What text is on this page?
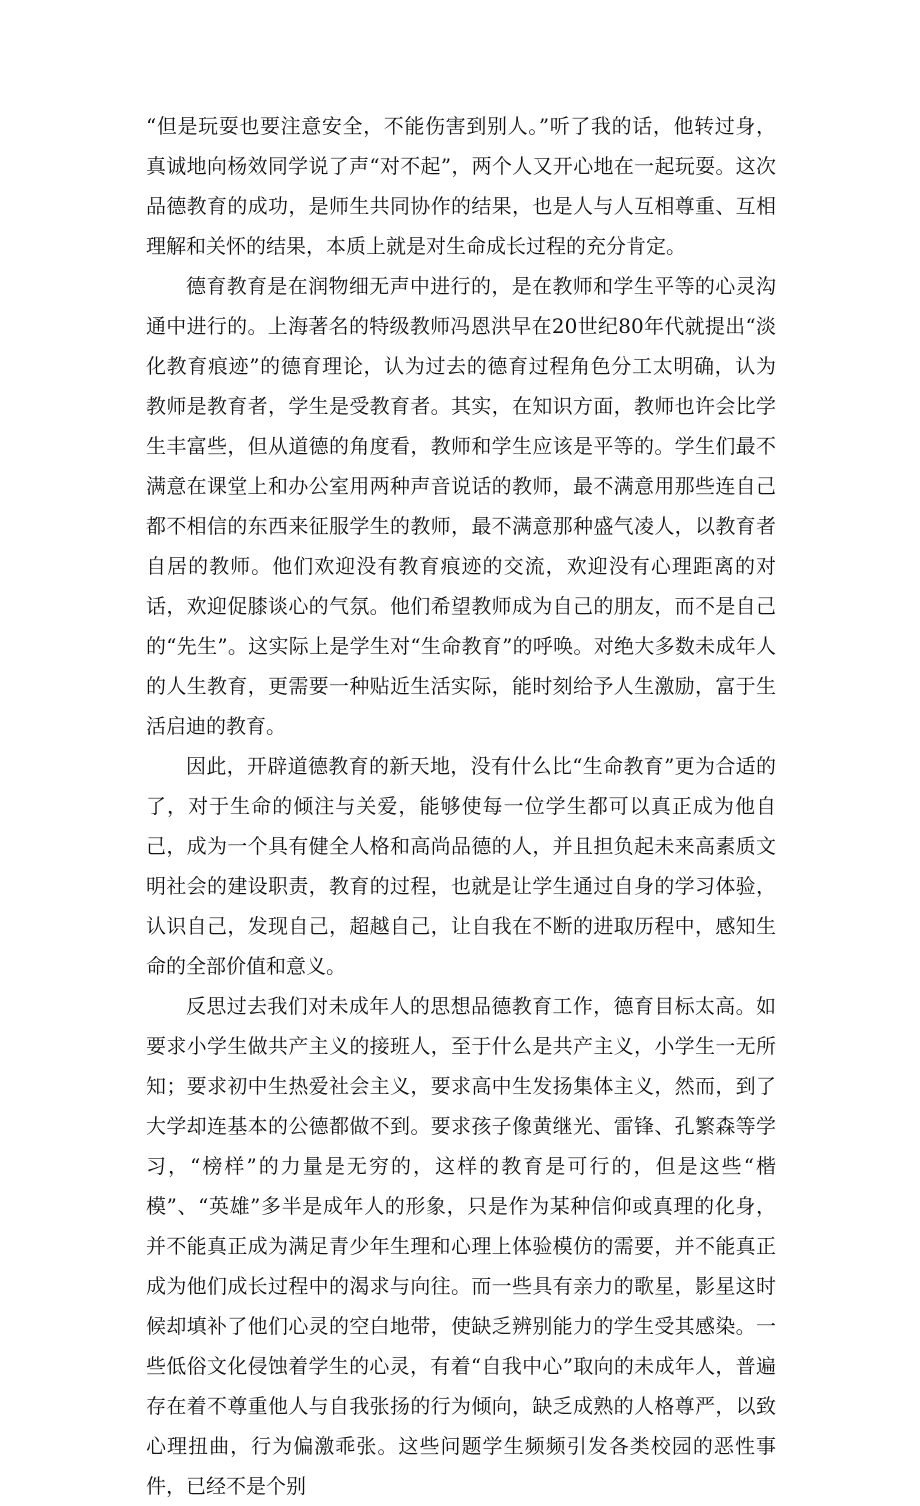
“但是玩耍也要注意安全，不能伤害到别人。”听了我的话，他转过身，真诚地向杨效同学说了声“对不起”，两个人又开心地在一起玩耍。这次品德教育的成功，是师生共同协作的结果，也是人与人互相尊重、互相理解和关怀的结果，本质上就是对生命成长过程的充分肯定。

德育教育是在润物细无声中进行的，是在教师和学生平等的心灵沟通中进行的。上海著名的特级教师冯恩洪早在20世纪80年代就提出“淡化教育痕迹”的德育理论，认为过去的德育过程角色分工太明确，认为教师是教育者，学生是受教育者。其实，在知识方面，教师也许会比学生丰富些，但从道德的角度看，教师和学生应该是平等的。学生们最不满意在课堂上和办公室用两种声音说话的教师，最不满意用那些连自己都不相信的东西来征服学生的教师，最不满意那种盛气凌人，以教育者自居的教师。他们欢迎没有教育痕迹的交流，欢迎没有心理距离的对话，欢迎促膝谈心的气氛。他们希望教师成为自己的朋友，而不是自己的“先生”。这实际上是学生对“生命教育”的呼唤。对绝大多数未成年人的人生教育，更需要一种贴近生活实际，能时刻给予人生激励，富于生活启迪的教育。

因此，开辟道德教育的新天地，没有什么比“生命教育”更为合适的了，对于生命的倾注与关爱，能够使每一位学生都可以真正成为他自己，成为一个具有健全人格和高尚品德的人，并且担负起未来高素质文明社会的建设职责，教育的过程，也就是让学生通过自身的学习体验，认识自己，发现自己，超越自己，让自我在不断的进取历程中，感知生命的全部价值和意义。

反思过去我们对未成年人的思想品德教育工作，德育目标太高。如要求小学生做共产主义的接班人，至于什么是共产主义，小学生一无所知；要求初中生热爱社会主义，要求高中生发扬集体主义，然而，到了大学却连基本的公德都做不到。要求孩子像黄继光、雷锋、孔繁森等学习，“榜样”的力量是无穷的，这样的教育是可行的，但是这些“楷模”、“英雄”多半是成年人的形象，只是作为某种信仰或真理的化身，并不能真正成为满足青少年生理和心理上体验模仿的需要，并不能真正成为他们成长过程中的渴求与向往。而一些具有亲力的歌星，影星这时候却填补了他们心灵的空白地带，使缺乏辨别能力的学生受其感染。一些低俗文化侵蚀着学生的心灵，有着“自我中心”取向的未成年人，普遍存在着不尊重他人与自我张扬的行为倾向，缺乏成熟的人格尊严，以致心理扭曲，行为偏激乖张。这些问题学生频频引发各类校园的恶性事件，已经不是个别
